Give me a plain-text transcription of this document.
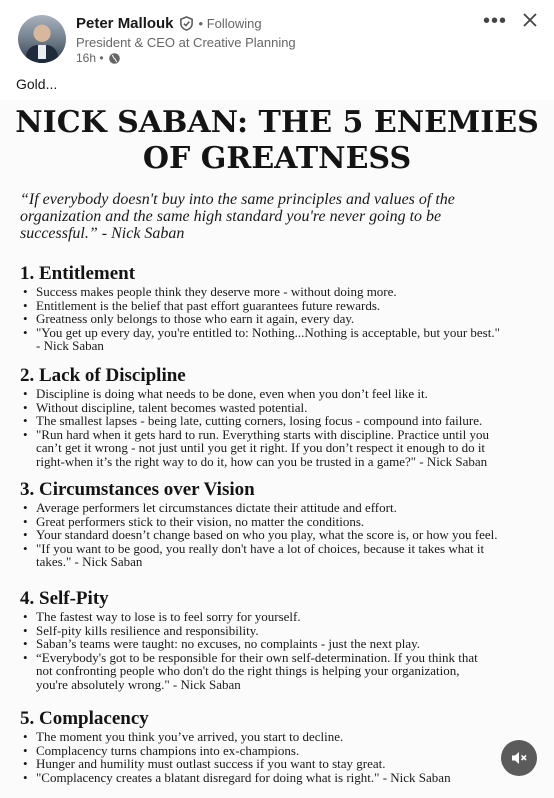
Peter Mallouk • Following
President & CEO at Creative Planning
16h •
•••
Gold...
NICK SABAN: THE 5 ENEMIES
OF GREATNESS
“If everybody doesn't buy into the same principles and values of the
organization and the same high standard you're never going to be
successful.” - Nick Saban
1. Entitlement
• Success makes people think they deserve more - without doing more.
• Entitlement is the belief that past effort guarantees future rewards.
• Greatness only belongs to those who earn it again, every day.
• "You get up every day, you're entitled to: Nothing...Nothing is acceptable, but your best."
- Nick Saban
2. Lack of Discipline
• Discipline is doing what needs to be done, even when you don’t feel like it.
• Without discipline, talent becomes wasted potential.
• The smallest lapses - being late, cutting corners, losing focus - compound into failure.
• "Run hard when it gets hard to run. Everything starts with discipline. Practice until you
can’t get it wrong - not just until you get it right. If you don’t respect it enough to do it
right-when it’s the right way to do it, how can you be trusted in a game?" - Nick Saban
3. Circumstances over Vision
• Average performers let circumstances dictate their attitude and effort.
• Great performers stick to their vision, no matter the conditions.
• Your standard doesn’t change based on who you play, what the score is, or how you feel.
• "If you want to be good, you really don't have a lot of choices, because it takes what it
takes." - Nick Saban
4. Self-Pity
• The fastest way to lose is to feel sorry for yourself.
• Self-pity kills resilience and responsibility.
• Saban’s teams were taught: no excuses, no complaints - just the next play.
• “Everybody's got to be responsible for their own self-determination. If you think that
not confronting people who don't do the right things is helping your organization,
you're absolutely wrong." - Nick Saban
5. Complacency
• The moment you think you’ve arrived, you start to decline.
• Complacency turns champions into ex-champions.
• Hunger and humility must outlast success if you want to stay great.
• "Complacency creates a blatant disregard for doing what is right." - Nick Saban
